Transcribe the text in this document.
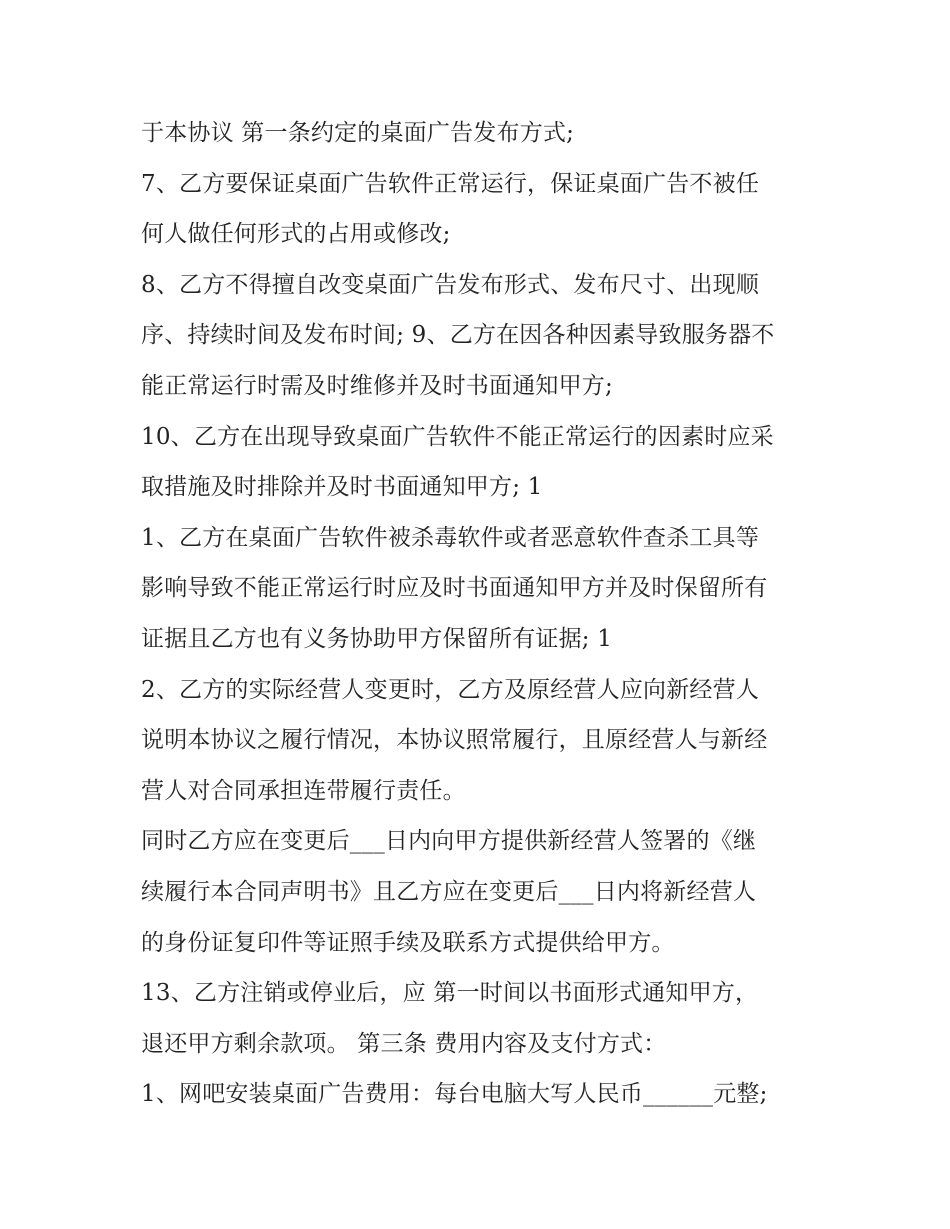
于本协议 第一条约定的桌面广告发布方式;
7、乙方要保证桌面广告软件正常运行，保证桌面广告不被任
何人做任何形式的占用或修改;
8、乙方不得擅自改变桌面广告发布形式、发布尺寸、出现顺
序、持续时间及发布时间; 9、乙方在因各种因素导致服务器不
能正常运行时需及时维修并及时书面通知甲方;
10、乙方在出现导致桌面广告软件不能正常运行的因素时应采
取措施及时排除并及时书面通知甲方; 1
1、乙方在桌面广告软件被杀毒软件或者恶意软件查杀工具等
影响导致不能正常运行时应及时书面通知甲方并及时保留所有
证据且乙方也有义务协助甲方保留所有证据; 1
2、乙方的实际经营人变更时，乙方及原经营人应向新经营人
说明本协议之履行情况，本协议照常履行，且原经营人与新经
营人对合同承担连带履行责任。
同时乙方应在变更后___日内向甲方提供新经营人签署的《继
续履行本合同声明书》且乙方应在变更后___日内将新经营人
的身份证复印件等证照手续及联系方式提供给甲方。
13、乙方注销或停业后，应 第一时间以书面形式通知甲方，
退还甲方剩余款项。 第三条 费用内容及支付方式：
1、网吧安装桌面广告费用：每台电脑大写人民币______元整;
